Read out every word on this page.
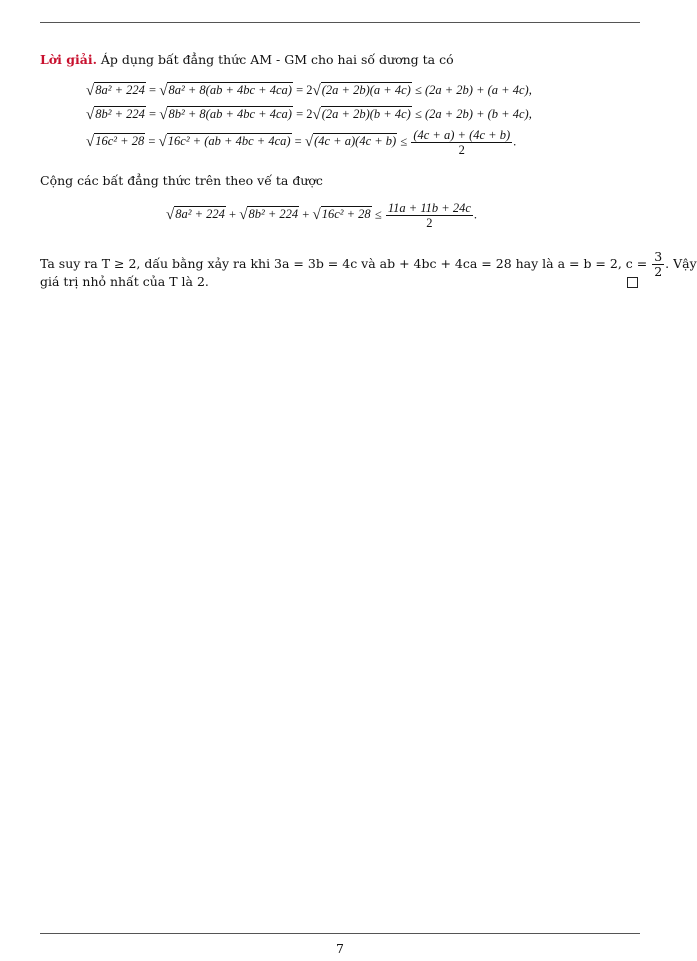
Lời giải. Áp dụng bất đẳng thức AM - GM cho hai số dương ta có
√8a² + 224 = √8a² + 8(ab + 4bc + 4ca) = 2√(2a + 2b)(a + 4c) ≤ (2a + 2b) + (a + 4c),
√8b² + 224 = √8b² + 8(ab + 4bc + 4ca) = 2√(2a + 2b)(b + 4c) ≤ (2a + 2b) + (b + 4c),
$√16c^2 + 28 = √16c^2 + (ab + 4bc + 4ca) = √(4c + a)(4c + b) \le \frac{(4c + a) + (4c + b)}{2}$ .
Cộng các bất đẳng thức trên theo vế ta được
$√8a^2 + 224 + √8b^2 + 224 + √16c^2 + 28 \le \frac{11a + 11b + 24c}{2}$ .
Ta suy ra T ≥ 2, dấu bằng xảy ra khi 3a = 3b = 4c và ab + 4bc + 4ca = 28 hay là a = b = 2, $c = \frac{3}{2}$ . Vậy
giá trị nhỏ nhất của T là 2.
7
